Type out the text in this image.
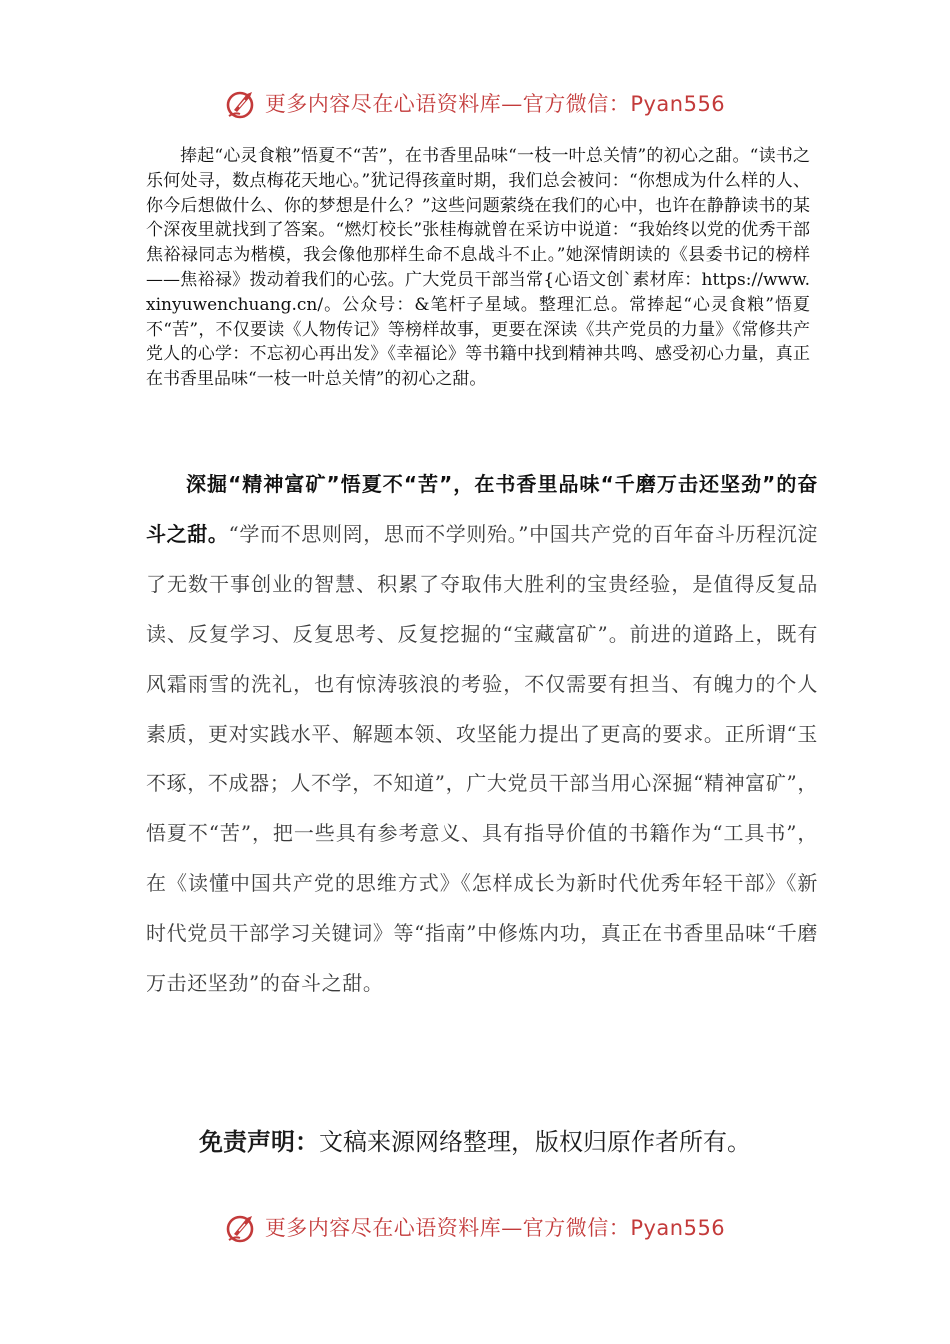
更多内容尽在心语资料库—官方微信：Pyan556

捧起“心灵食粮”悟夏不“苦”，在书香里品味“一枝一叶总关情”的初心之甜。“读书之乐何处寻，数点梅花天地心。”犹记得孩童时期，我们总会被问：“你想成为什么样的人、你今后想做什么、你的梦想是什么？”这些问题萦绕在我们的心中，也许在静静读书的某个深夜里就找到了答案。“燃灯校长”张桂梅就曾在采访中说道：“我始终以党的优秀干部焦裕禄同志为楷模，我会像他那样生命不息战斗不止。”她深情朗读的《县委书记的榜样——焦裕禄》拨动着我们的心弦。广大党员干部当常{心语文创`素材库：https://www.xinyuwenchuang.cn/。公众号：&笔杆子星域。整理汇总。常捧起“心灵食粮”悟夏不“苦”，不仅要读《人物传记》等榜样故事，更要在深读《共产党员的力量》《常修共产党人的心学：不忘初心再出发》《幸福论》等书籍中找到精神共鸣、感受初心力量，真正在书香里品味“一枝一叶总关情”的初心之甜。

深掘“精神富矿”悟夏不“苦”，在书香里品味“千磨万击还坚劲”的奋斗之甜。“学而不思则罔，思而不学则殆。”中国共产党的百年奋斗历程沉淀了无数干事创业的智慧、积累了夺取伟大胜利的宝贵经验，是值得反复品读、反复学习、反复思考、反复挖掘的“宝藏富矿”。前进的道路上，既有风霜雨雪的洗礼，也有惊涛骇浪的考验，不仅需要有担当、有魄力的个人素质，更对实践水平、解题本领、攻坚能力提出了更高的要求。正所谓“玉不琢，不成器；人不学，不知道”，广大党员干部当用心深掘“精神富矿”，悟夏不“苦”，把一些具有参考意义、具有指导价值的书籍作为“工具书”，在《读懂中国共产党的思维方式》《怎样成长为新时代优秀年轻干部》《新时代党员干部学习关键词》等“指南”中修炼内功，真正在书香里品味“千磨万击还坚劲”的奋斗之甜。

免责声明：文稿来源网络整理，版权归原作者所有。
更多内容尽在心语资料库—官方微信：Pyan556
